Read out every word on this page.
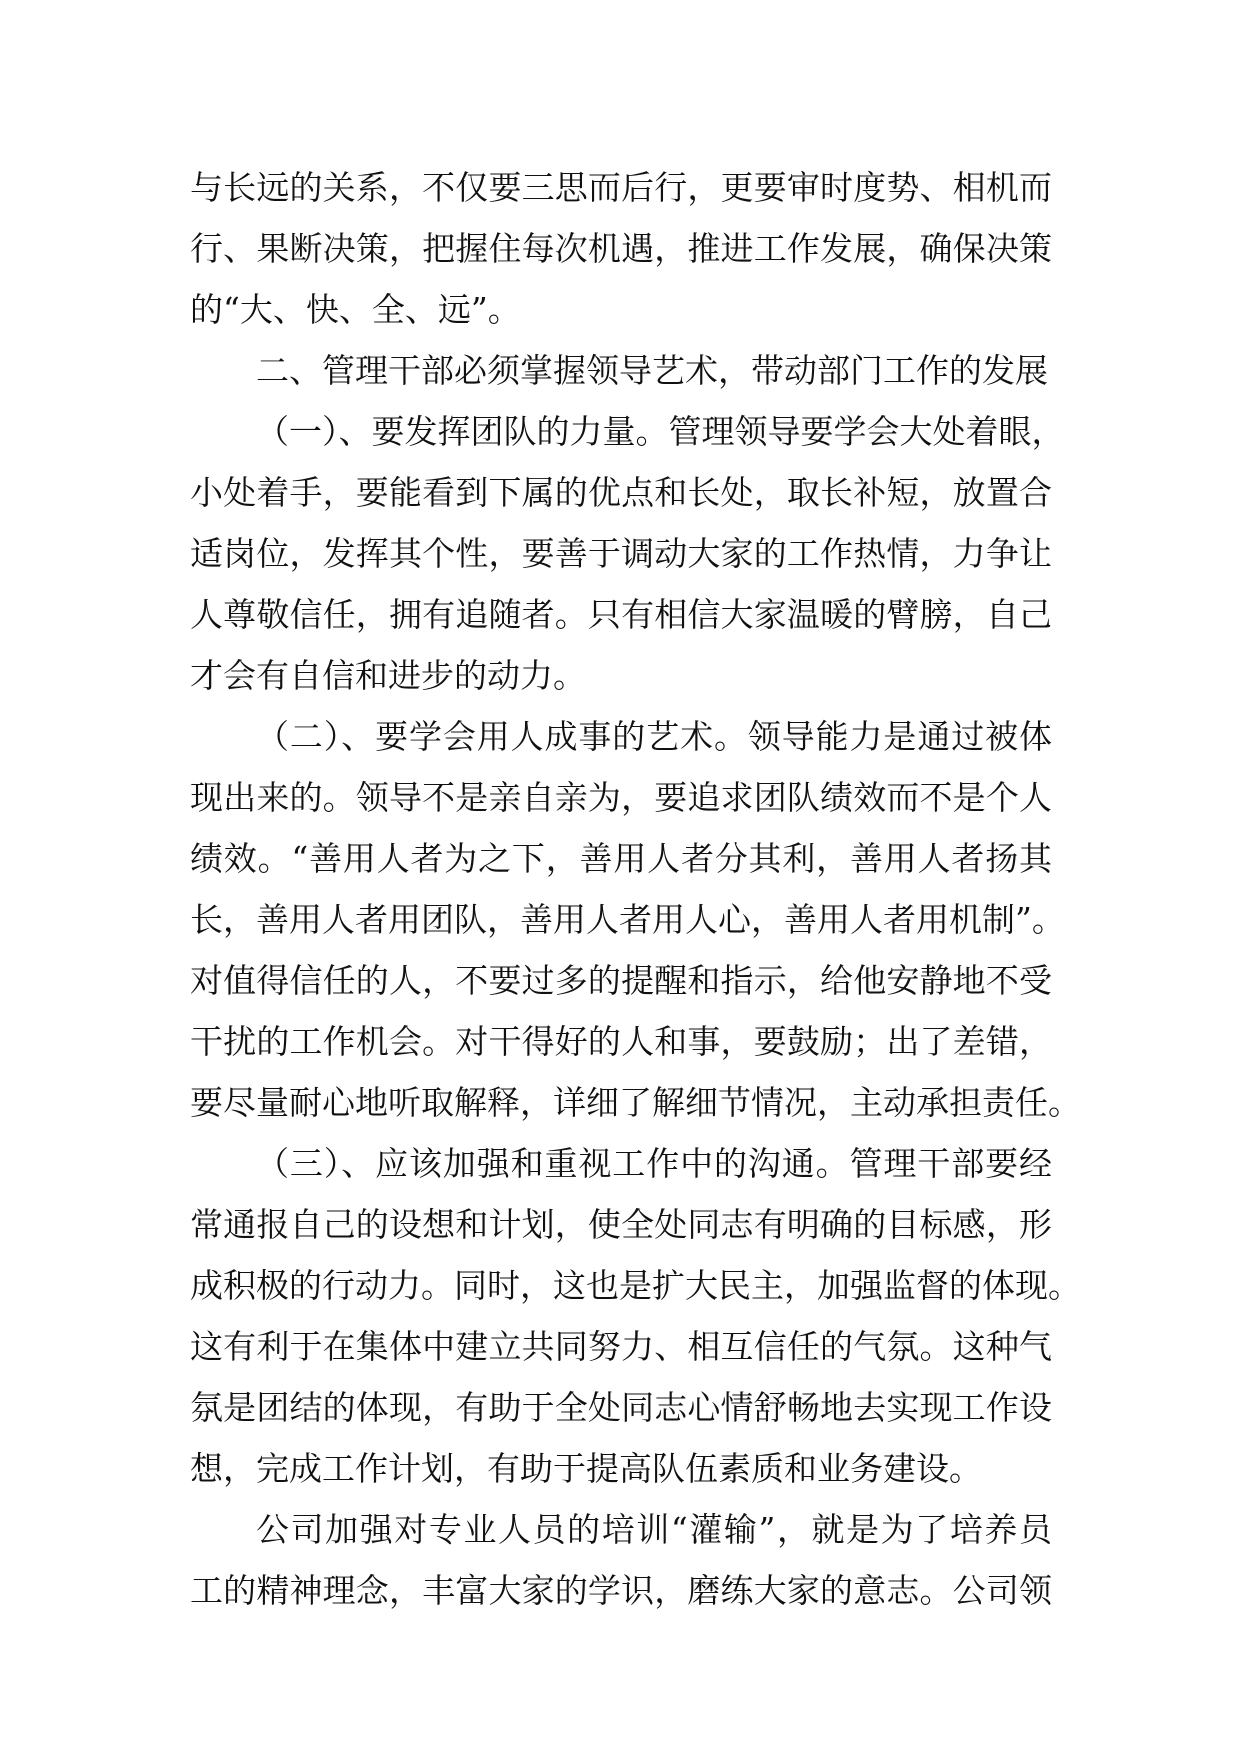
与长远的关系，不仅要三思而后行，更要审时度势、相机而
行、果断决策，把握住每次机遇，推进工作发展，确保决策
的“大、快、全、远”。
二、管理干部必须掌握领导艺术，带动部门工作的发展
（一）、要发挥团队的力量。管理领导要学会大处着眼，
小处着手，要能看到下属的优点和长处，取长补短，放置合
适岗位，发挥其个性，要善于调动大家的工作热情，力争让
人尊敬信任，拥有追随者。只有相信大家温暖的臂膀，自己
才会有自信和进步的动力。
（二）、要学会用人成事的艺术。领导能力是通过被体
现出来的。领导不是亲自亲为，要追求团队绩效而不是个人
绩效。“善用人者为之下，善用人者分其利，善用人者扬其
长，善用人者用团队，善用人者用人心，善用人者用机制”。
对值得信任的人，不要过多的提醒和指示，给他安静地不受
干扰的工作机会。对干得好的人和事，要鼓励；出了差错，
要尽量耐心地听取解释，详细了解细节情况，主动承担责任。
（三）、应该加强和重视工作中的沟通。管理干部要经
常通报自己的设想和计划，使全处同志有明确的目标感，形
成积极的行动力。同时，这也是扩大民主，加强监督的体现。
这有利于在集体中建立共同努力、相互信任的气氛。这种气
氛是团结的体现，有助于全处同志心情舒畅地去实现工作设
想，完成工作计划，有助于提高队伍素质和业务建设。
公司加强对专业人员的培训“灌输”，就是为了培养员
工的精神理念，丰富大家的学识，磨练大家的意志。公司领
